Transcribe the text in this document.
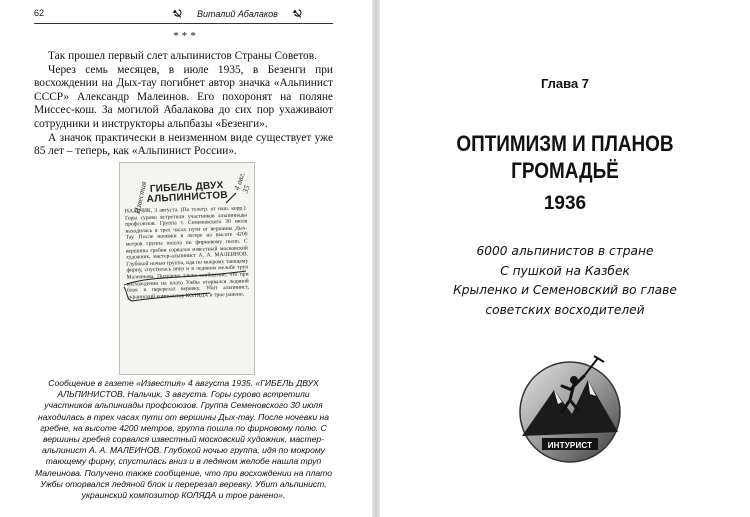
62	Виталий Абалаков
***

Так прошел первый слет альпинистов Страны Советов.

Через семь месяцев, в июле 1935, в Безенги при восхождении на Дых-тау погибнет автор значка «Альпинист СССР» Александр Малеинов. Его похоронят на поляне Миссес-кош. За могилой Абалакова до сих пор ухаживают сотрудники и инструкторы альпбазы «Безенги».

А значок практически в неизменном виде существует уже 85 лет – теперь, как «Альпинист России».

Известия	4 авг. 35
ГИБЕЛЬ ДВУХ АЛЬПИНИСТОВ
НАЛЬЧИК, 3 августа. (По телегр. от наш. корр.). Горы сурово встретили участников альпиниады профсоюзов. Группа т. Семеновского 30 июля находилась в трех часах пути от вершины Дых-Тау. После ночевки в лагере на высоте 4200 метров группа пошла по фирновому полю. С вершины гребня сорвался известный московский художник, мастер-альпинист А. А. МАЛЕИНОВ. Глубокой ночью группа, идя по мокрому тающему фирну, спустилась вниз и в ледяном желобе труп Малеинова. Получено также сообщение, что при восхождении на плато Ужбы оторвался ледяной блок и перерезал веревку. Убит альпинист, украинский композитор КОЛЯДА и трое ранено.
Сообщение в газете «Известия» 4 августа 1935. «ГИБЕЛЬ ДВУХ АЛЬПИНИСТОВ. Нальчик, 3 августа. Горы сурово встретили участников альпиниады профсоюзов. Группа Семеновского 30 июля находилась в трех часах пути от вершины Дых-тау. После ночевки на гребне, на высоте 4200 метров, группа пошла по фирновому полю. С вершины гребня сорвался известный московский художник, мастер-альпинист А. А. МАЛЕИНОВ. Глубокой ночью группа, идя по мокрому тающему фирну, спустилась вниз и в ледяном желобе нашла труп Малеинова. Получено также сообщение, что при восхождении на плато Ужбы оторвался ледяной блок и перерезал веревку. Убит альпинист, украинский композитор КОЛЯДА и трое ранено».
Глава 7
ОПТИМИЗМ И ПЛАНОВ
ГРОМАДЬЁ
1936
6000 альпинистов в стране
С пушкой на Казбек
Крыленко и Семеновский во главе
советских восходителей
ИНТУРИСТ
